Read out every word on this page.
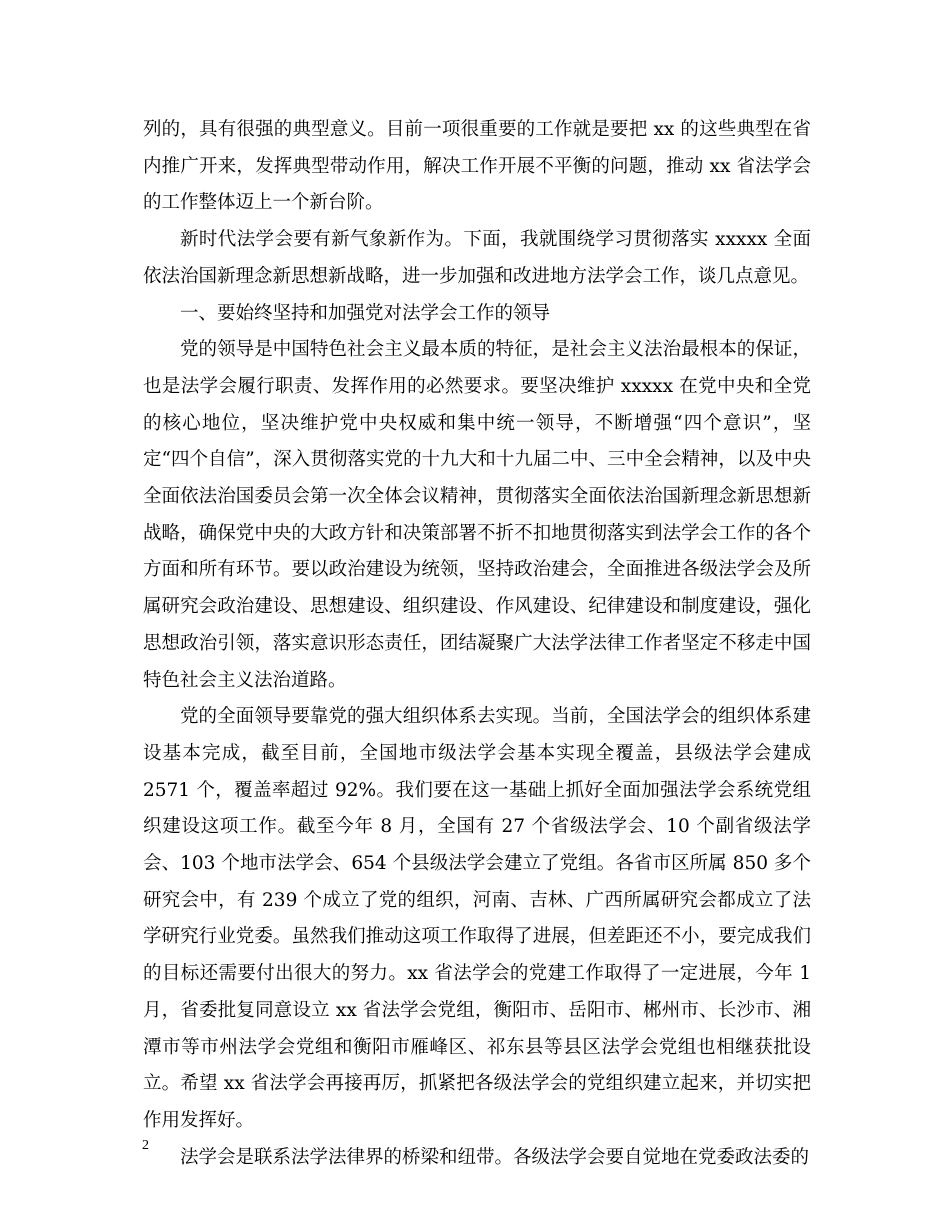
列的，具有很强的典型意义。目前一项很重要的工作就是要把 xx 的这些典型在省内推广开来，发挥典型带动作用，解决工作开展不平衡的问题，推动 xx 省法学会的工作整体迈上一个新台阶。

新时代法学会要有新气象新作为。下面，我就围绕学习贯彻落实 xxxxx 全面依法治国新理念新思想新战略，进一步加强和改进地方法学会工作，谈几点意见。

一、要始终坚持和加强党对法学会工作的领导

党的领导是中国特色社会主义最本质的特征，是社会主义法治最根本的保证，也是法学会履行职责、发挥作用的必然要求。要坚决维护 xxxxx 在党中央和全党的核心地位，坚决维护党中央权威和集中统一领导，不断增强“四个意识”，坚定“四个自信”，深入贯彻落实党的十九大和十九届二中、三中全会精神，以及中央全面依法治国委员会第一次全体会议精神，贯彻落实全面依法治国新理念新思想新战略，确保党中央的大政方针和决策部署不折不扣地贯彻落实到法学会工作的各个方面和所有环节。要以政治建设为统领，坚持政治建会，全面推进各级法学会及所属研究会政治建设、思想建设、组织建设、作风建设、纪律建设和制度建设，强化思想政治引领，落实意识形态责任，团结凝聚广大法学法律工作者坚定不移走中国特色社会主义法治道路。

党的全面领导要靠党的强大组织体系去实现。当前，全国法学会的组织体系建设基本完成，截至目前，全国地市级法学会基本实现全覆盖，县级法学会建成2571 个，覆盖率超过 92%。我们要在这一基础上抓好全面加强法学会系统党组织建设这项工作。截至今年 8 月，全国有 27 个省级法学会、10 个副省级法学会、103 个地市法学会、654 个县级法学会建立了党组。各省市区所属 850 多个研究会中，有 239 个成立了党的组织，河南、吉林、广西所属研究会都成立了法学研究行业党委。虽然我们推动这项工作取得了进展，但差距还不小，要完成我们的目标还需要付出很大的努力。xx 省法学会的党建工作取得了一定进展，今年 1 月，省委批复同意设立 xx 省法学会党组，衡阳市、岳阳市、郴州市、长沙市、湘潭市等市州法学会党组和衡阳市雁峰区、祁东县等县区法学会党组也相继获批设立。希望 xx 省法学会再接再厉，抓紧把各级法学会的党组织建立起来，并切实把作用发挥好。

法学会是联系法学法律界的桥梁和纽带。各级法学会要自觉地在党委政法委的

2
